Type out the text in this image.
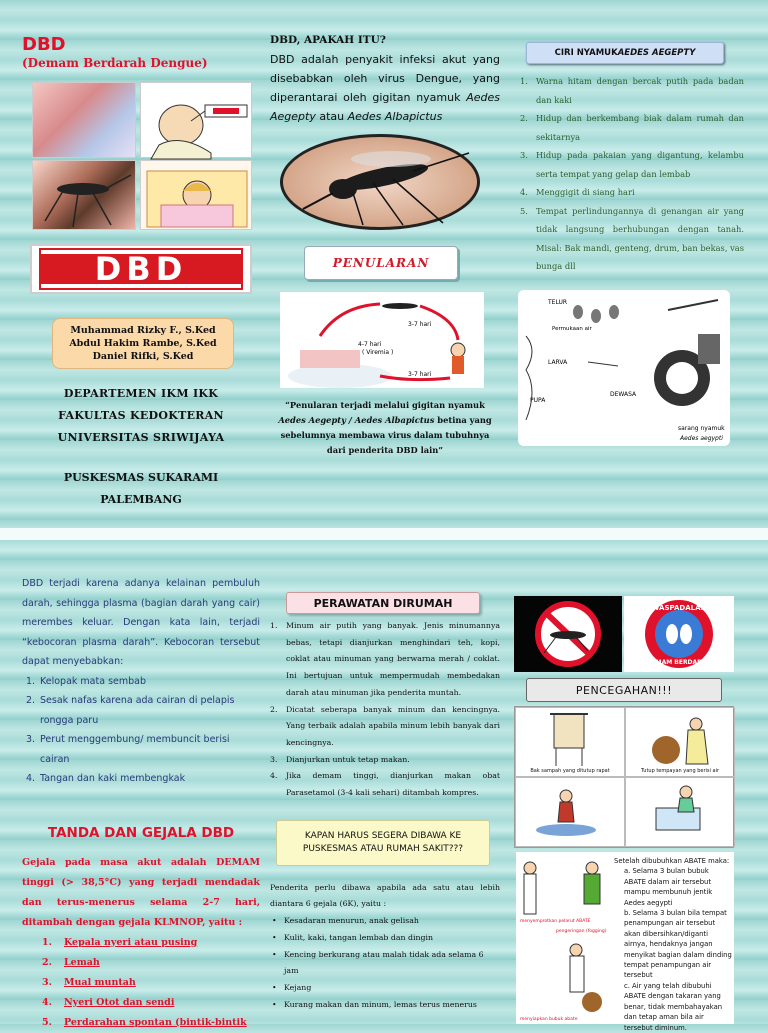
DBD
(Demam Berdarah Dengue)
DBD
Muhammad Rizky F., S.Ked
Abdul Hakim Rambe, S.Ked
Daniel Rifki, S.Ked
DEPARTEMEN IKM IKK
FAKULTAS KEDOKTERAN
UNIVERSITAS SRIWIJAYA
PUSKESMAS SUKARAMI
PALEMBANG
DBD, APAKAH ITU?
DBD adalah penyakit infeksi akut yang disebabkan oleh virus Dengue, yang diperantarai oleh gigitan nyamuk Aedes Aegepty atau Aedes Albapictus
PENULARAN
3-7 hari
4-7 hari
( Viremia )
3-7 hari
“Penularan terjadi melalui gigitan nyamuk Aedes Aegepty / Aedes Albapictus betina yang sebelumnya membawa virus dalam tubuhnya dari penderita DBD lain”
CIRI NYAMUK AEDES AEGEPTY
1. Warna hitam dengan bercak putih pada badan dan kaki
2. Hidup dan berkembang biak dalam rumah dan sekitarnya
3. Hidup pada pakaian yang digantung, kelambu serta tempat yang gelap dan lembab
4. Menggigit di siang hari
5. Tempat perlindungannya di genangan air yang tidak langsung berhubungan dengan tanah. Misal: Bak mandi, genteng, drum, ban bekas, vas bunga dll
TELUR
Permukaan air
LARVA
PUPA
DEWASA
sarang nyamuk
Aedes aegypti
DBD terjadi karena adanya kelainan pembuluh darah, sehingga plasma (bagian darah yang cair) merembes keluar. Dengan kata lain, terjadi “kebocoran plasma darah”. Kebocoran tersebut dapat menyebabkan:
1. Kelopak mata sembab
2. Sesak nafas karena ada cairan di pelapis rongga paru
3. Perut menggembung/ membuncit berisi cairan
4. Tangan dan kaki membengkak
TANDA DAN GEJALA DBD
Gejala pada masa akut adalah DEMAM tinggi (> 38,5°C) yang terjadi mendadak dan terus-menerus selama 2-7 hari, ditambah dengan gejala KLMNOP, yaitu :
1.	Kepala nyeri atau pusing
2.	Lemah
3.	Mual muntah
4.	Nyeri Otot dan sendi
5.	Perdarahan spontan (bintik-bintik
PERAWATAN DIRUMAH
1.	Minum air putih yang banyak. Jenis minumannya bebas, tetapi dianjurkan menghindari teh, kopi, coklat atau minuman yang berwarna merah / coklat. Ini bertujuan untuk mempermudah membedakan darah atau minuman jika penderita muntah.
2.	Dicatat seberapa banyak minum dan kencingnya. Yang terbaik adalah apabila minum lebih banyak dari kencingnya.
3.	Dianjurkan untuk tetap makan.
4.	Jika demam tinggi, dianjurkan makan obat Parasetamol (3-4 kali sehari) ditambah kompres.
KAPAN HARUS SEGERA DIBAWA KE PUSKESMAS ATAU RUMAH SAKIT???
Penderita perlu dibawa apabila ada satu atau lebih diantara 6 gejala (6K), yaitu :
• Kesadaran menurun, anak gelisah
• Kulit, kaki, tangan lembab dan dingin
• Kencing berkurang atau malah tidak ada selama 6 jam
• Kejang
• Kurang makan dan minum, lemas terus menerus
WASPADALAH
DEMAM BERDARAH
PENCEGAHAN!!!
Bak sampah yang ditutup rapat	Tutup tempayan yang berisi air
menyemprotkan pelarut ABATE
pengeringan (fogging)
menyiapkan bubuk abate
Setelah dibubuhkan ABATE maka:
a. Selama 3 bulan bubuk ABATE dalam air tersebut mampu membunuh jentik Aedes aegypti
b. Selama 3 bulan bila tempat penampungan air tersebut akan dibersihkan/diganti airnya, hendaknya jangan menyikat bagian dalam dinding tempat penampungan air tersebut
c. Air yang telah dibubuhi ABATE dengan takaran yang benar, tidak membahayakan dan tetap aman bila air tersebut diminum.
